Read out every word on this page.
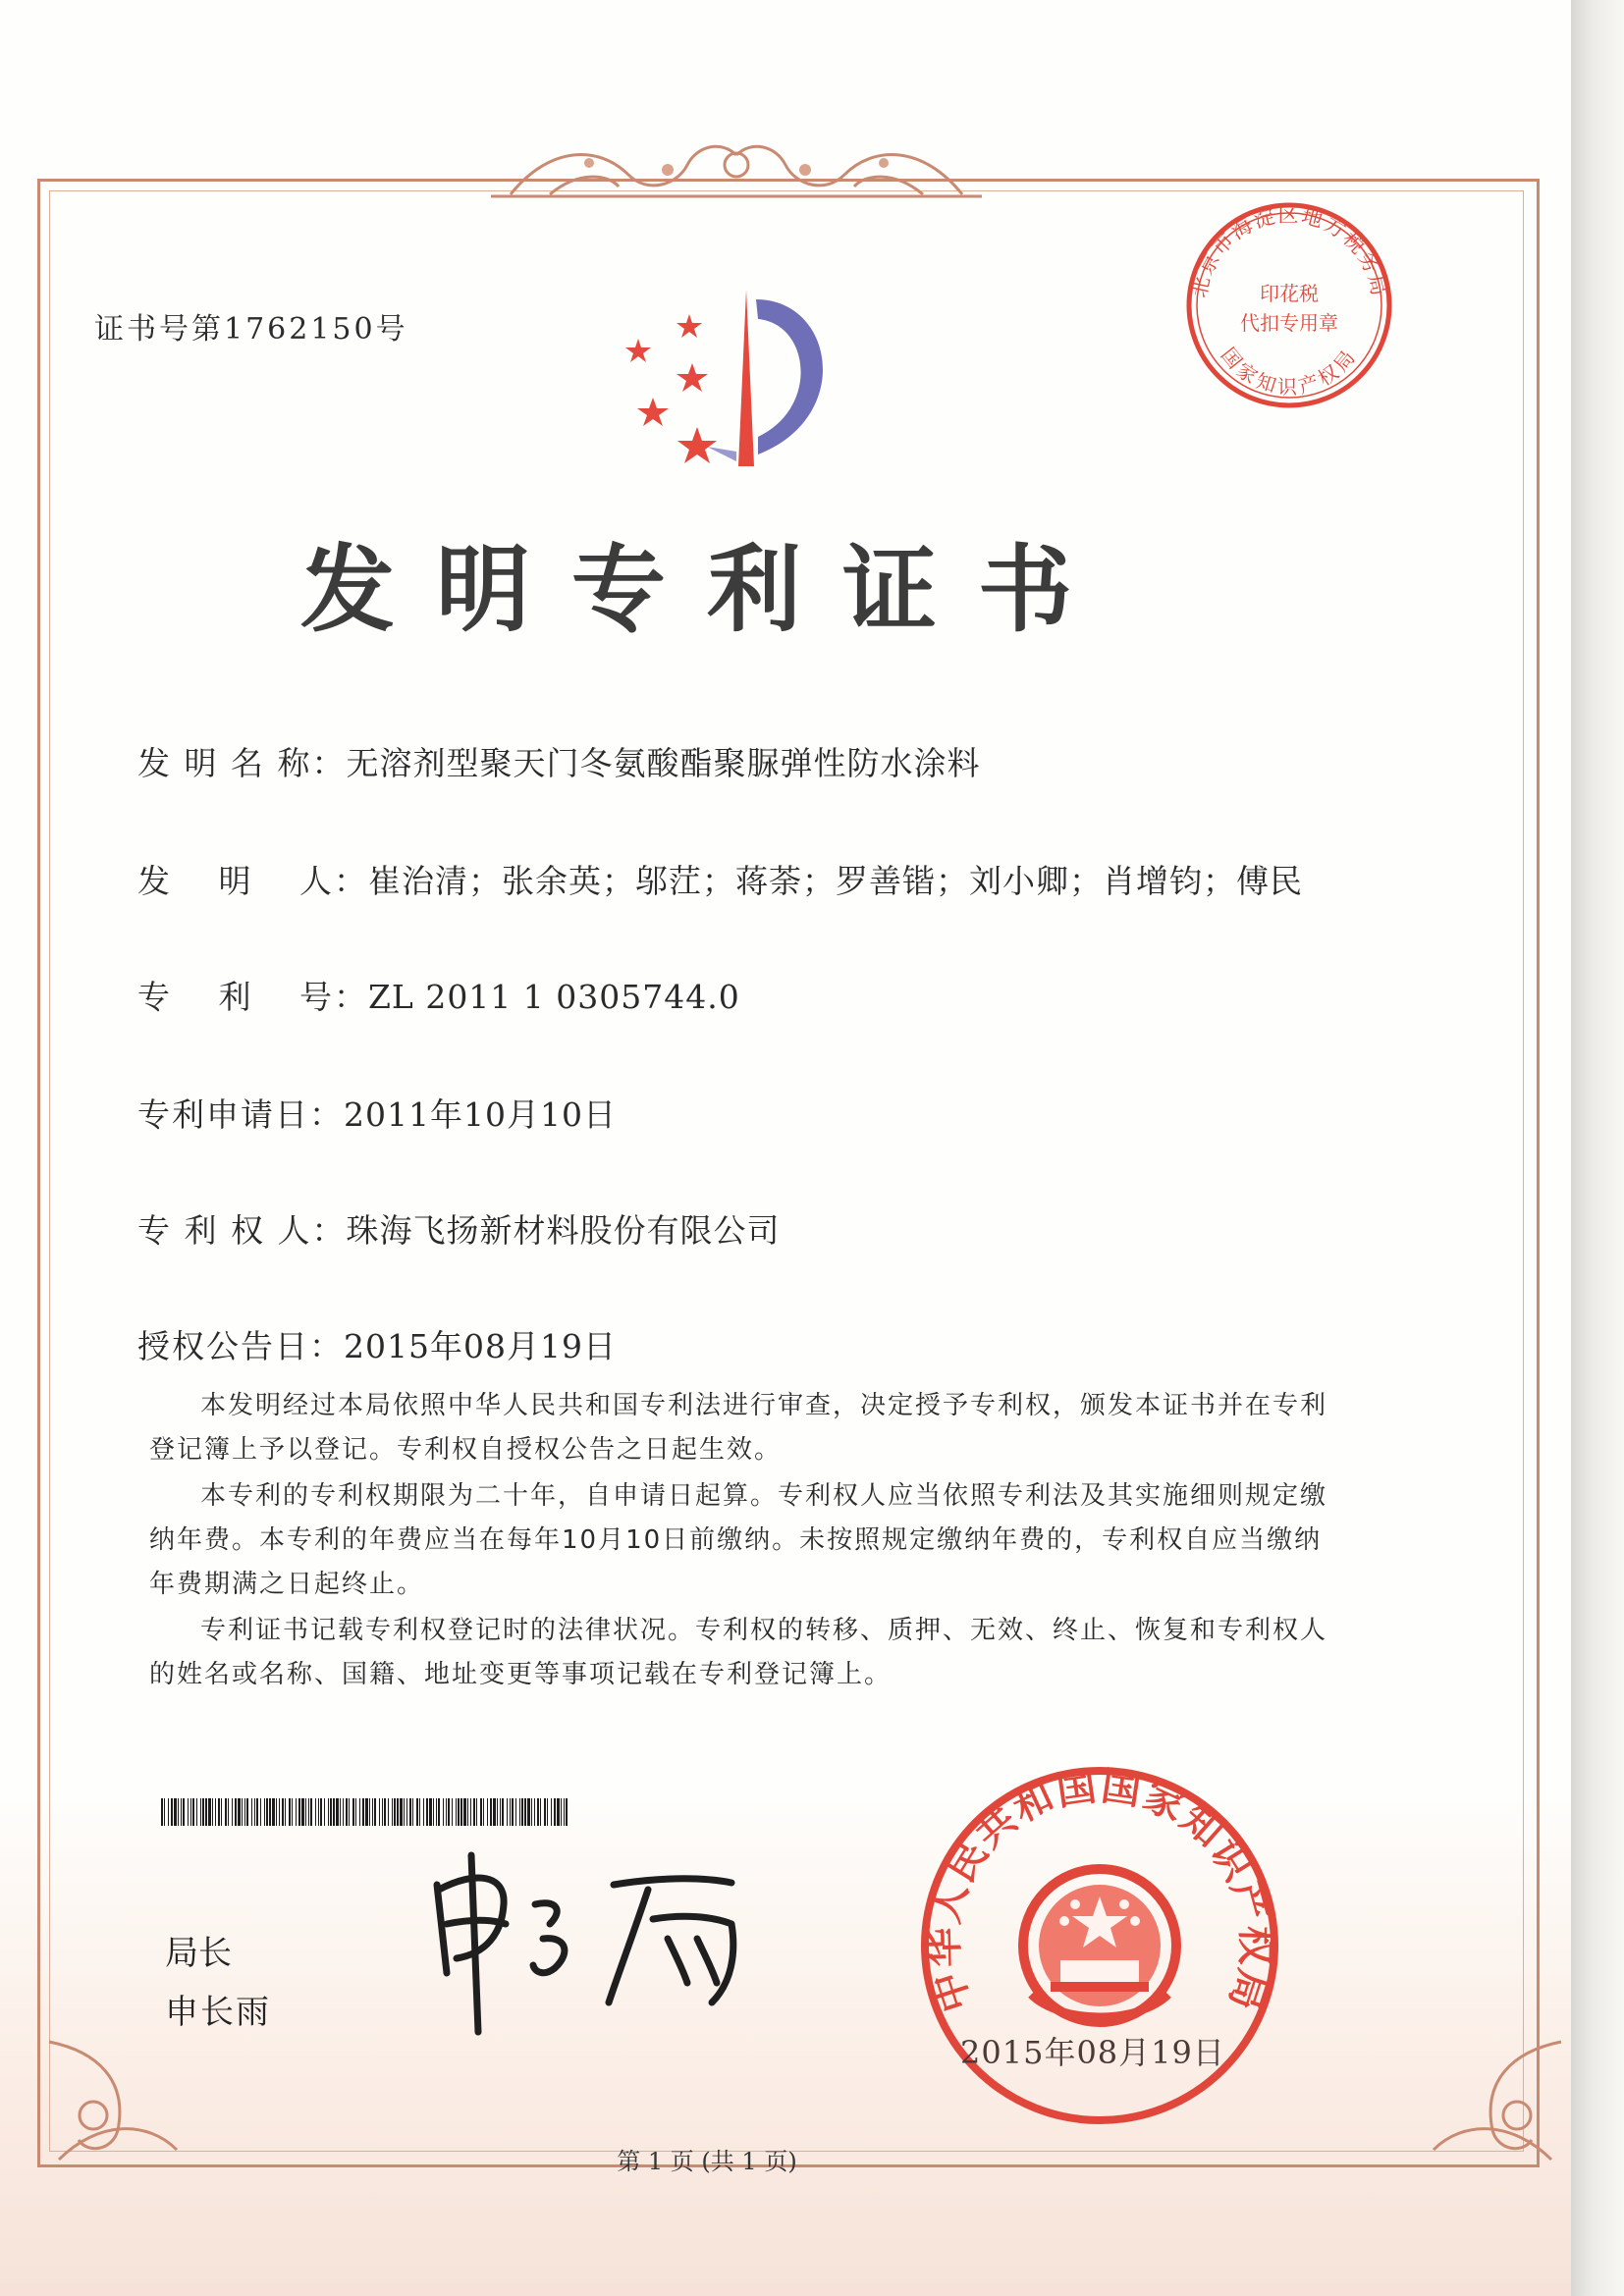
证书号第1762150号
北京市海淀区地方税务局
印花税
代扣专用章
国家知识产权局
发明专利证书
发 明 名 称：无溶剂型聚天门冬氨酸酯聚脲弹性防水涂料
发　 明　 人：崔治清；张余英；邬茳；蒋荼；罗善锴；刘小卿；肖增钧；傅民
专　 利　 号：ZL 2011 1 0305744.0
专利申请日：2011年10月10日
专 利 权 人：珠海飞扬新材料股份有限公司
授权公告日：2015年08月19日

本发明经过本局依照中华人民共和国专利法进行审查，决定授予专利权，颁发本证书并在专利登记簿上予以登记。专利权自授权公告之日起生效。

本专利的专利权期限为二十年，自申请日起算。专利权人应当依照专利法及其实施细则规定缴纳年费。本专利的年费应当在每年10月10日前缴纳。未按照规定缴纳年费的，专利权自应当缴纳年费期满之日起终止。

专利证书记载专利权登记时的法律状况。专利权的转移、质押、无效、终止、恢复和专利权人的姓名或名称、国籍、地址变更等事项记载在专利登记簿上。

局长
申长雨	中华人民共和国国家知识产权局
2015年08月19日
第 1 页 (共 1 页)
